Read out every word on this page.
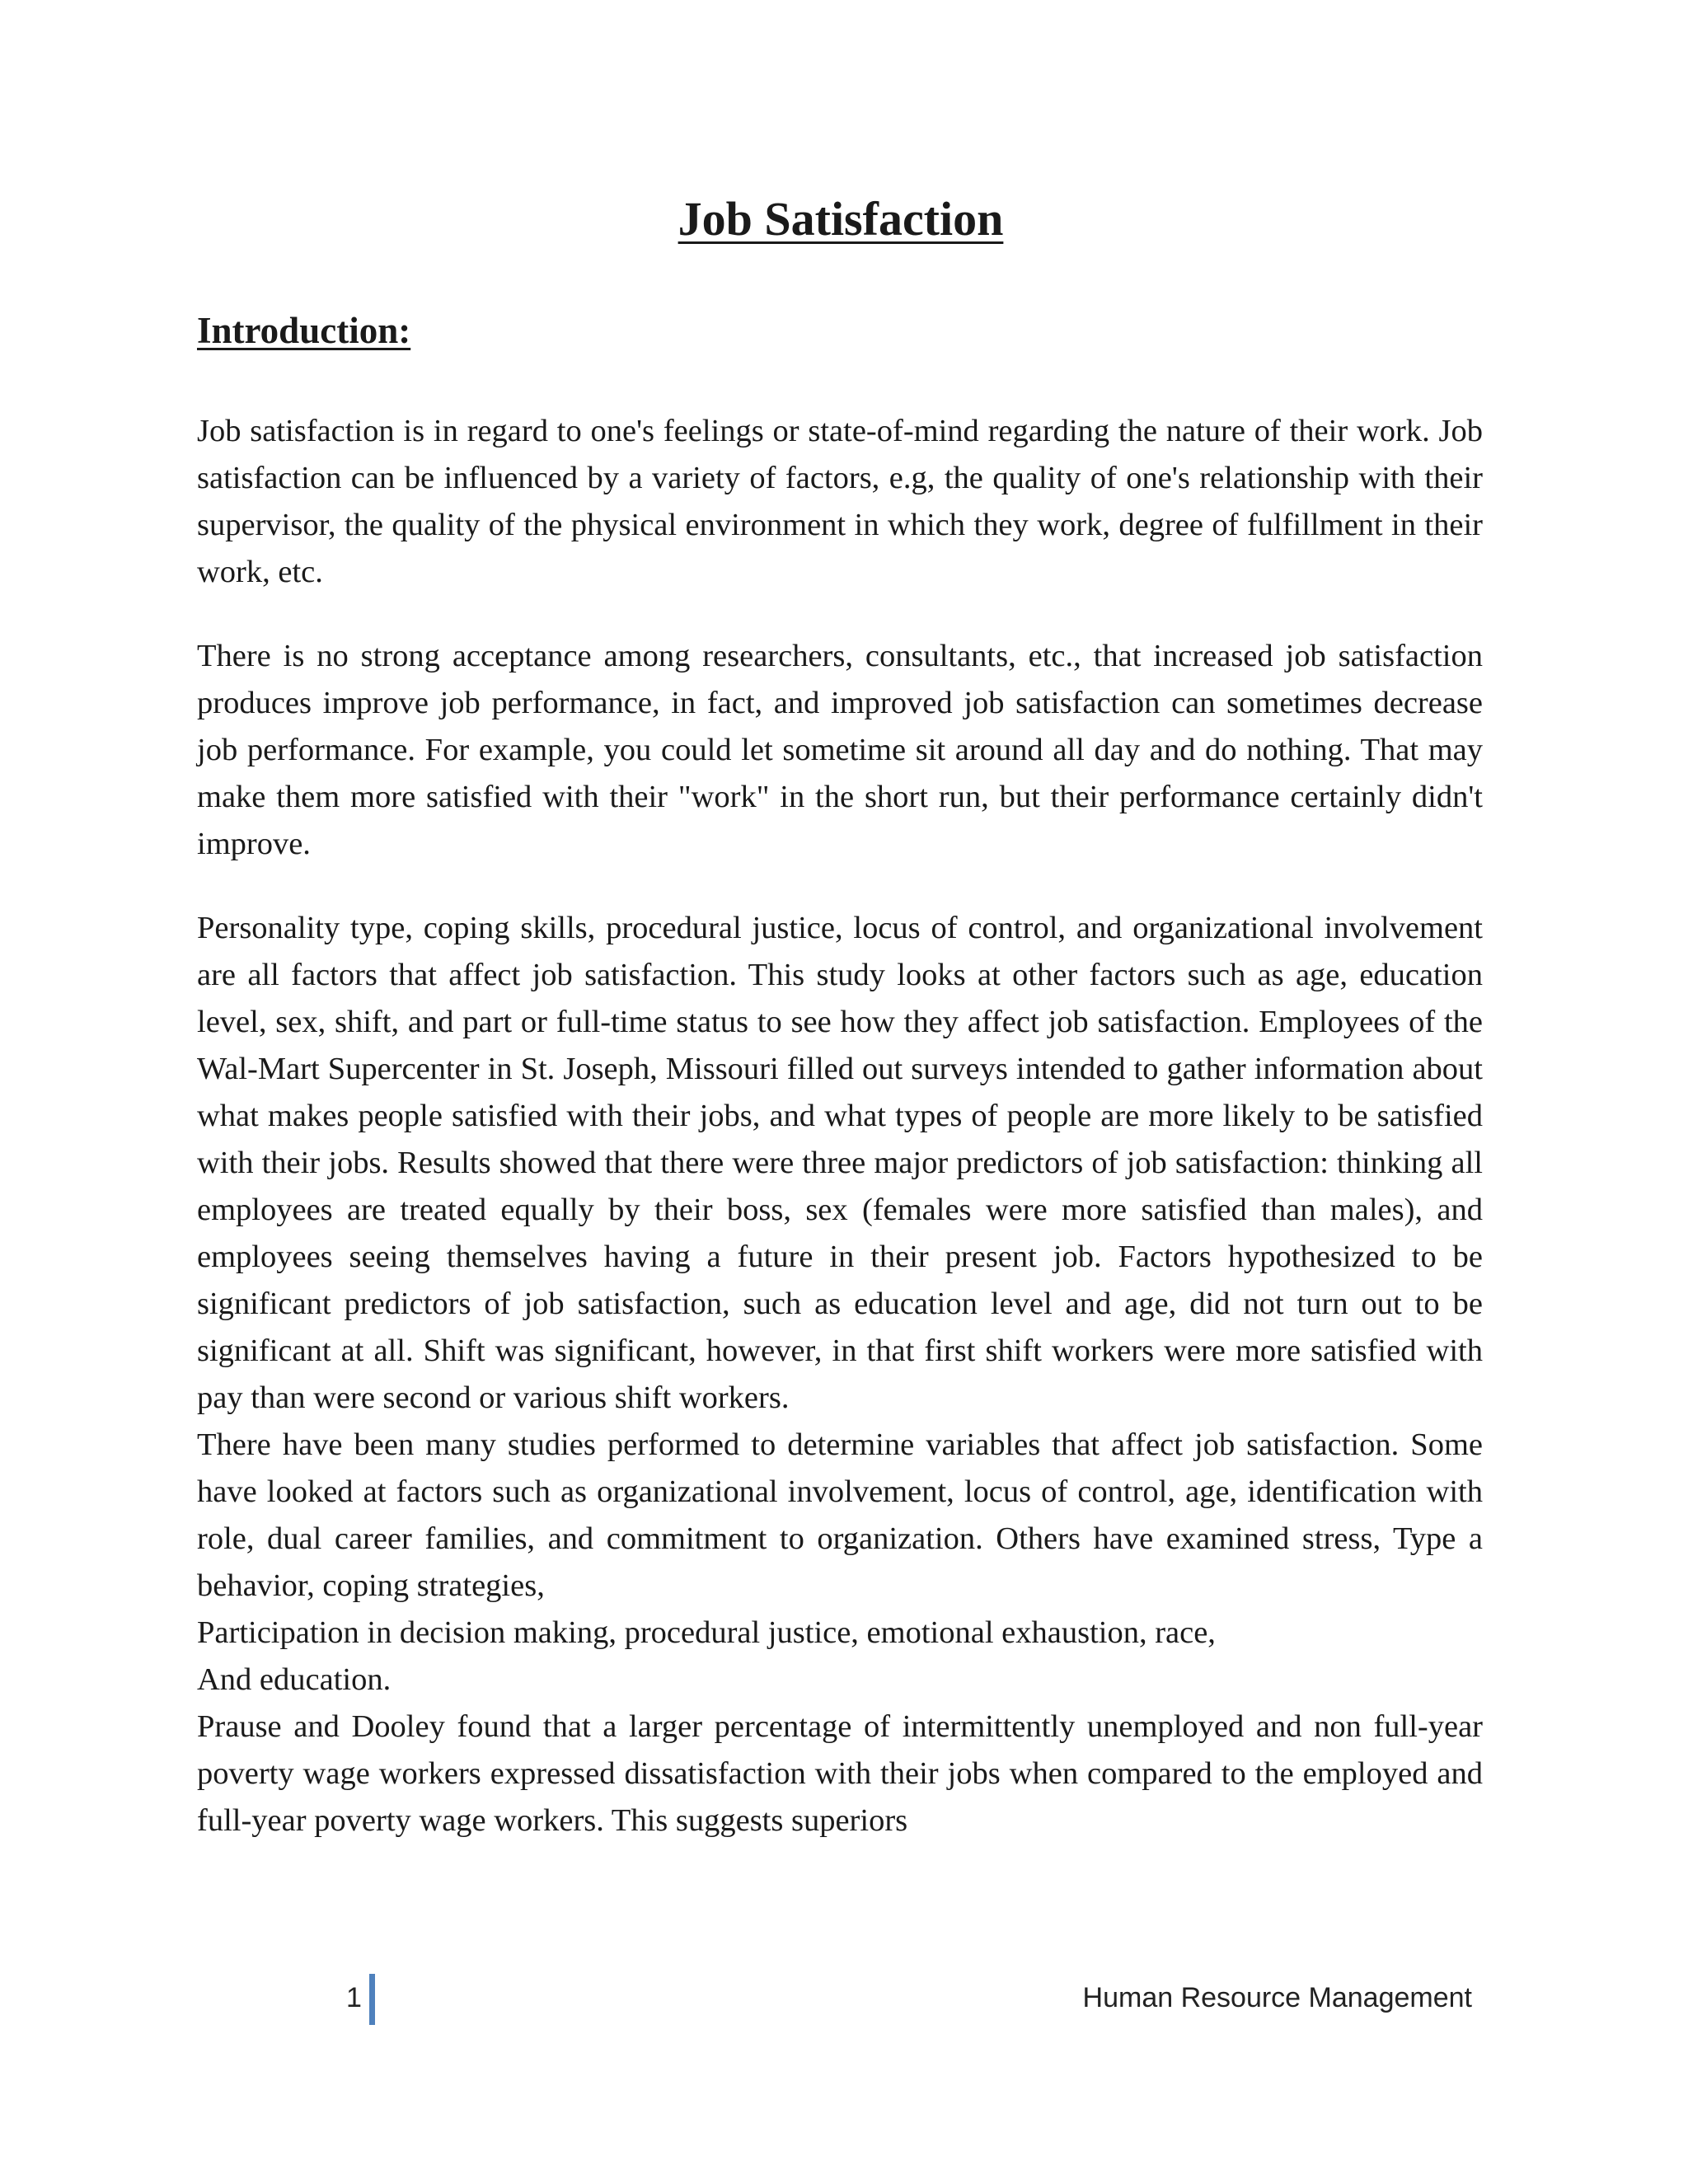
Job Satisfaction
Introduction:

Job satisfaction is in regard to one's feelings or state-of-mind regarding the nature of their work. Job satisfaction can be influenced by a variety of factors, e.g, the quality of one's relationship with their supervisor, the quality of the physical environment in which they work, degree of fulfillment in their work, etc.

There is no strong acceptance among researchers, consultants, etc., that increased job satisfaction produces improve job performance, in fact, and improved job satisfaction can sometimes decrease job performance. For example, you could let sometime sit around all day and do nothing. That may make them more satisfied with their "work" in the short run, but their performance certainly didn't improve.

Personality type, coping skills, procedural justice, locus of control, and organizational involvement are all factors that affect job satisfaction. This study looks at other factors such as age, education level, sex, shift, and part or full-time status to see how they affect job satisfaction. Employees of the Wal-Mart Supercenter in St. Joseph, Missouri filled out surveys intended to gather information about what makes people satisfied with their jobs, and what types of people are more likely to be satisfied with their jobs. Results showed that there were three major predictors of job satisfaction: thinking all employees are treated equally by their boss, sex (females were more satisfied than males), and employees seeing themselves having a future in their present job. Factors hypothesized to be significant predictors of job satisfaction, such as education level and age, did not turn out to be significant at all. Shift was significant, however, in that first shift workers were more satisfied with pay than were second or various shift workers.

There have been many studies performed to determine variables that affect job satisfaction. Some have looked at factors such as organizational involvement, locus of control, age, identification with role, dual career families, and commitment to organization. Others have examined stress, Type a behavior, coping strategies,

Participation in decision making, procedural justice, emotional exhaustion, race,

And education.

Prause and Dooley found that a larger percentage of intermittently unemployed and non full-year poverty wage workers expressed dissatisfaction with their jobs when compared to the employed and full-year poverty wage workers. This suggests superiors

1	Human Resource Management
